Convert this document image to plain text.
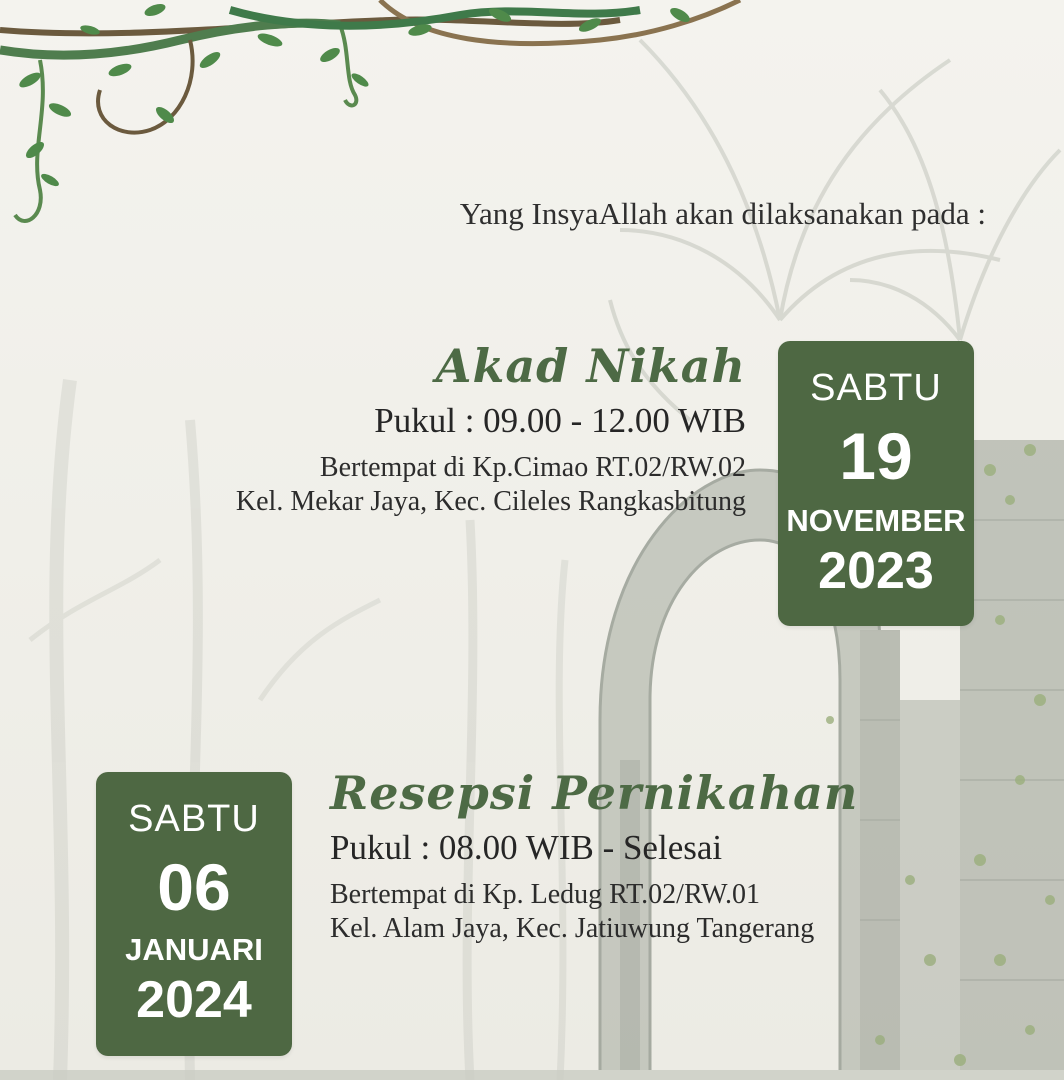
Yang InsyaAllah akan dilaksanakan pada :
Akad Nikah
Pukul : 09.00 - 12.00 WIB
Bertempat di Kp.Cimao RT.02/RW.02
Kel. Mekar Jaya, Kec. Cileles Rangkasbitung
SABTU
19
NOVEMBER
2023
SABTU
06
JANUARI
2024
Resepsi Pernikahan
Pukul : 08.00 WIB - Selesai
Bertempat di Kp. Ledug RT.02/RW.01
Kel. Alam Jaya, Kec. Jatiuwung Tangerang
